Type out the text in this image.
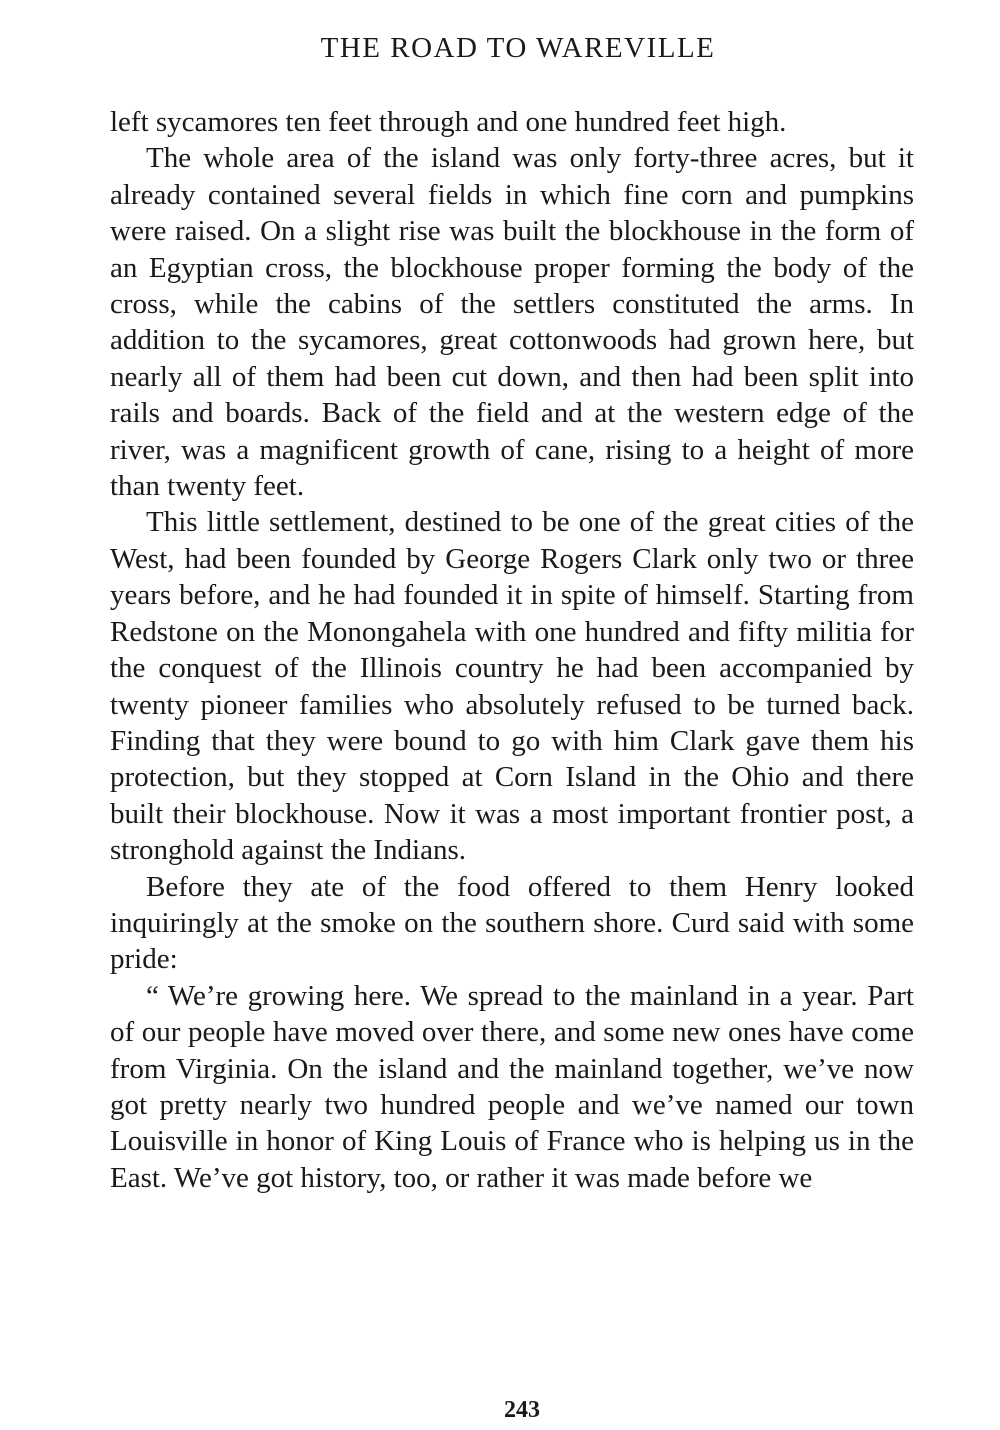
THE ROAD TO WAREVILLE

left sycamores ten feet through and one hundred feet high.

The whole area of the island was only forty-three acres, but it already contained several fields in which fine corn and pumpkins were raised. On a slight rise was built the blockhouse in the form of an Egyptian cross, the blockhouse proper forming the body of the cross, while the cabins of the settlers constituted the arms. In addition to the sycamores, great cottonwoods had grown here, but nearly all of them had been cut down, and then had been split into rails and boards. Back of the field and at the western edge of the river, was a magnificent growth of cane, rising to a height of more than twenty feet.

This little settlement, destined to be one of the great cities of the West, had been founded by George Rogers Clark only two or three years before, and he had founded it in spite of himself. Starting from Redstone on the Monongahela with one hundred and fifty militia for the conquest of the Illinois country he had been accompanied by twenty pioneer families who absolutely refused to be turned back. Finding that they were bound to go with him Clark gave them his protection, but they stopped at Corn Island in the Ohio and there built their blockhouse. Now it was a most important frontier post, a stronghold against the Indians.

Before they ate of the food offered to them Henry looked inquiringly at the smoke on the southern shore. Curd said with some pride:

“ We’re growing here. We spread to the mainland in a year. Part of our people have moved over there, and some new ones have come from Virginia. On the island and the mainland together, we’ve now got pretty nearly two hundred people and we’ve named our town Louisville in honor of King Louis of France who is helping us in the East. We’ve got history, too, or rather it was made before we

243
